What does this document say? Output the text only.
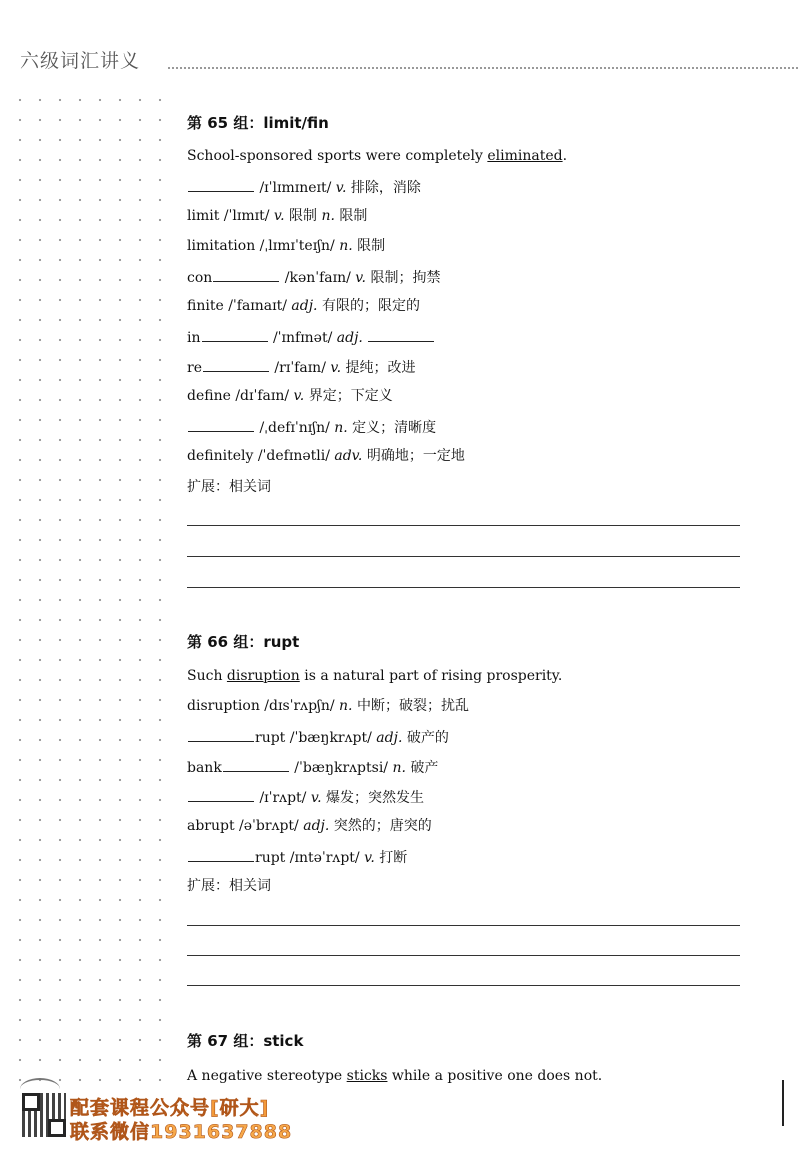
六级词汇讲义
第 65 组：limit/fin
School-sponsored sports were completely eliminated.
/ɪˈlɪmɪneɪt/ v. 排除，消除
limit /ˈlɪmɪt/ v. 限制 n. 限制
limitation /ˌlɪmɪˈteɪʃn/ n. 限制
con	/kənˈfaɪn/ v. 限制；拘禁
finite /ˈfaɪnaɪt/ adj. 有限的；限定的
in	/ˈɪnfɪnət/ adj.
re	/rɪˈfaɪn/ v. 提纯；改进
define /dɪˈfaɪn/ v. 界定；下定义
/ˌdefɪˈnɪʃn/ n. 定义；清晰度
definitely /ˈdefɪnətli/ adv. 明确地；一定地
扩展：相关词
第 66 组：rupt
Such disruption is a natural part of rising prosperity.
disruption /dɪsˈrʌpʃn/ n. 中断；破裂；扰乱
rupt /ˈbæŋkrʌpt/ adj. 破产的
bank	/ˈbæŋkrʌptsi/ n. 破产
/ɪˈrʌpt/ v. 爆发；突然发生
abrupt /əˈbrʌpt/ adj. 突然的；唐突的
rupt /ɪntəˈrʌpt/ v. 打断
扩展：相关词
第 67 组：stick
A negative stereotype sticks while a positive one does not.
配套课程公众号[研大]
联系微信1931637888
